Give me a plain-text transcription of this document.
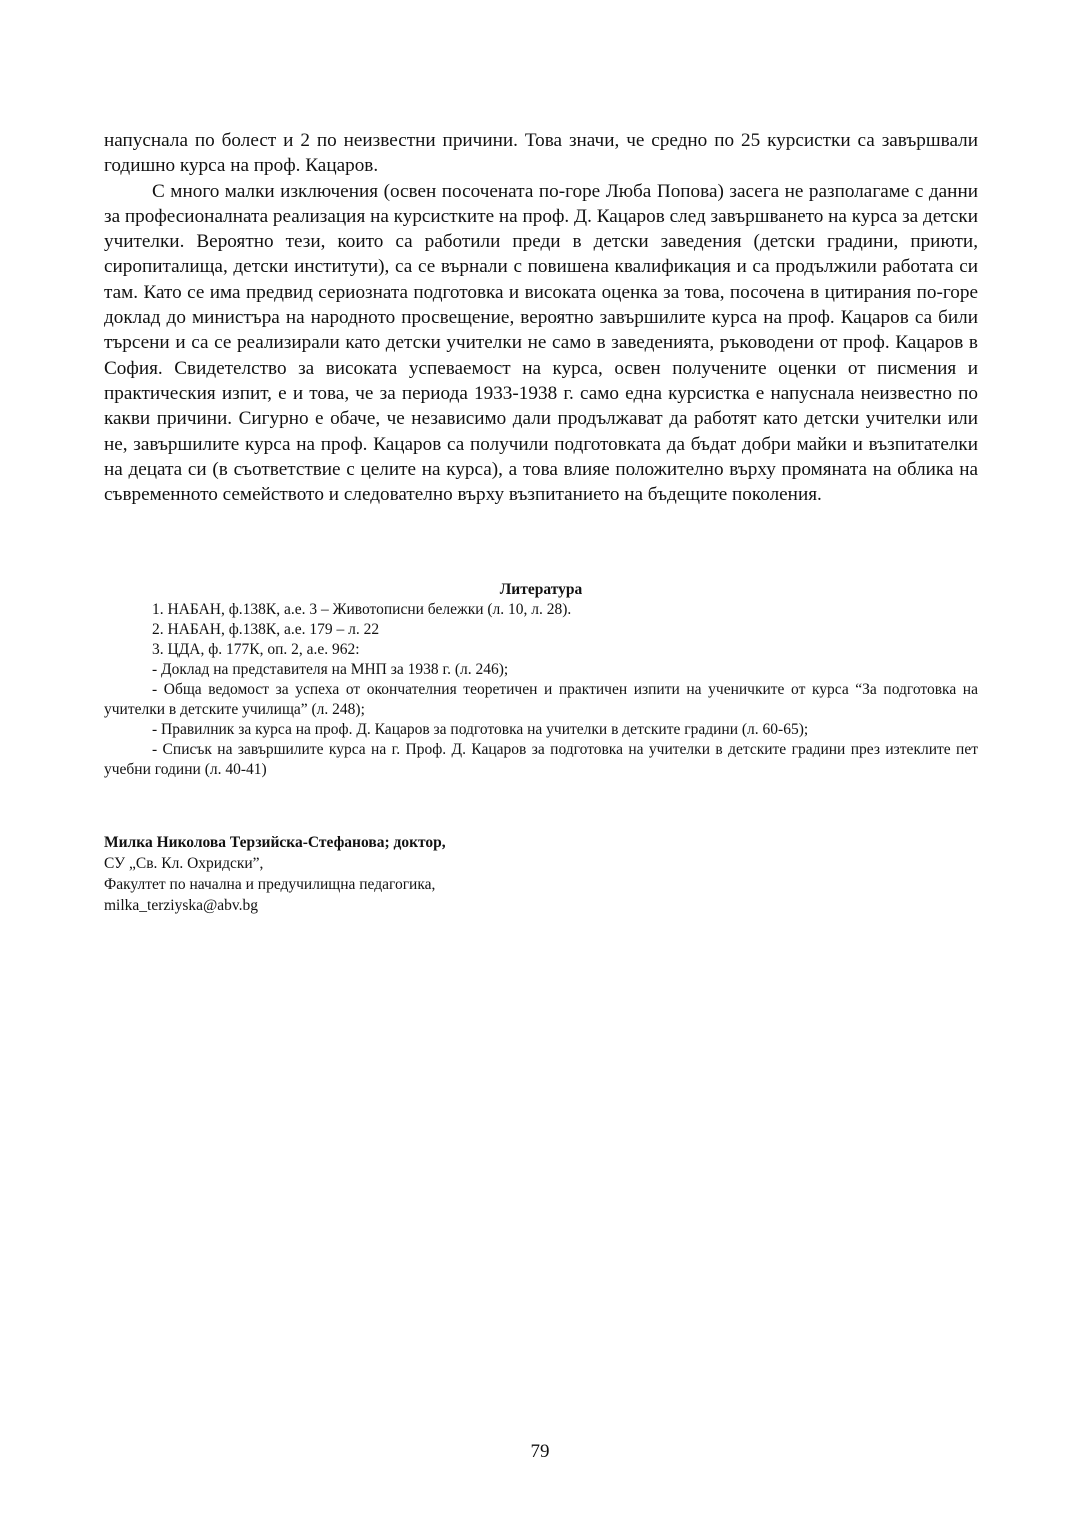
напуснала по болест и 2 по неизвестни причини. Това значи, че средно по 25 курсистки са завършвали годишно курса на проф. Кацаров.

С много малки изключения (освен посочената по-горе Люба Попова) засега не разполагаме с данни за професионалната реализация на курсистките на проф. Д. Кацаров след завършването на курса за детски учителки. Вероятно тези, които са работили преди в детски заведения (детски градини, приюти, сиропиталища, детски институти), са се върнали с повишена квалификация и са продължили работата си там. Като се има предвид сериозната подготовка и високата оценка за това, посочена в цитирания по-горе доклад до министъра на народното просвещение, вероятно завършилите курса на проф. Кацаров са били търсени и са се реализирали като детски учителки не само в заведенията, ръководени от проф. Кацаров в София. Свидетелство за високата успеваемост на курса, освен получените оценки от писмения и практическия изпит, е и това, че за периода 1933-1938 г. само една курсистка е напуснала неизвестно по какви причини. Сигурно е обаче, че независимо дали продължават да работят като детски учителки или не, завършилите курса на проф. Кацаров са получили подготовката да бъдат добри майки и възпитателки на децата си (в съответствие с целите на курса), а това влияе положително върху промяната на облика на съвременното семействотo и следователно върху възпитанието на бъдещите поколения.

Литература
1. НАБАН, ф.138К, а.е. 3 – Животописни бележки (л. 10, л. 28).
2. НАБАН, ф.138К, а.е. 179 – л. 22
3. ЦДА, ф. 177К, оп. 2, а.е. 962:
- Доклад на представителя на МНП за 1938 г. (л. 246);
- Обща ведомост за успеха от окончателния теоретичен и практичен изпити на ученичките от курса “За подготовка на учителки в детските училища” (л. 248);
- Правилник за курса на проф. Д. Кацаров за подготовка на учителки в детските градини (л. 60-65);
- Списък на завършилите курса на г. Проф. Д. Кацаров за подготовка на учителки в детските градини през изтеклите пет учебни години (л. 40-41)
Милка Николова Терзийска-Стефанова; доктор,
СУ „Св. Кл. Охридски”,
Факултет по начална и предучилищна педагогика,
milka_terziyska@abv.bg
79
